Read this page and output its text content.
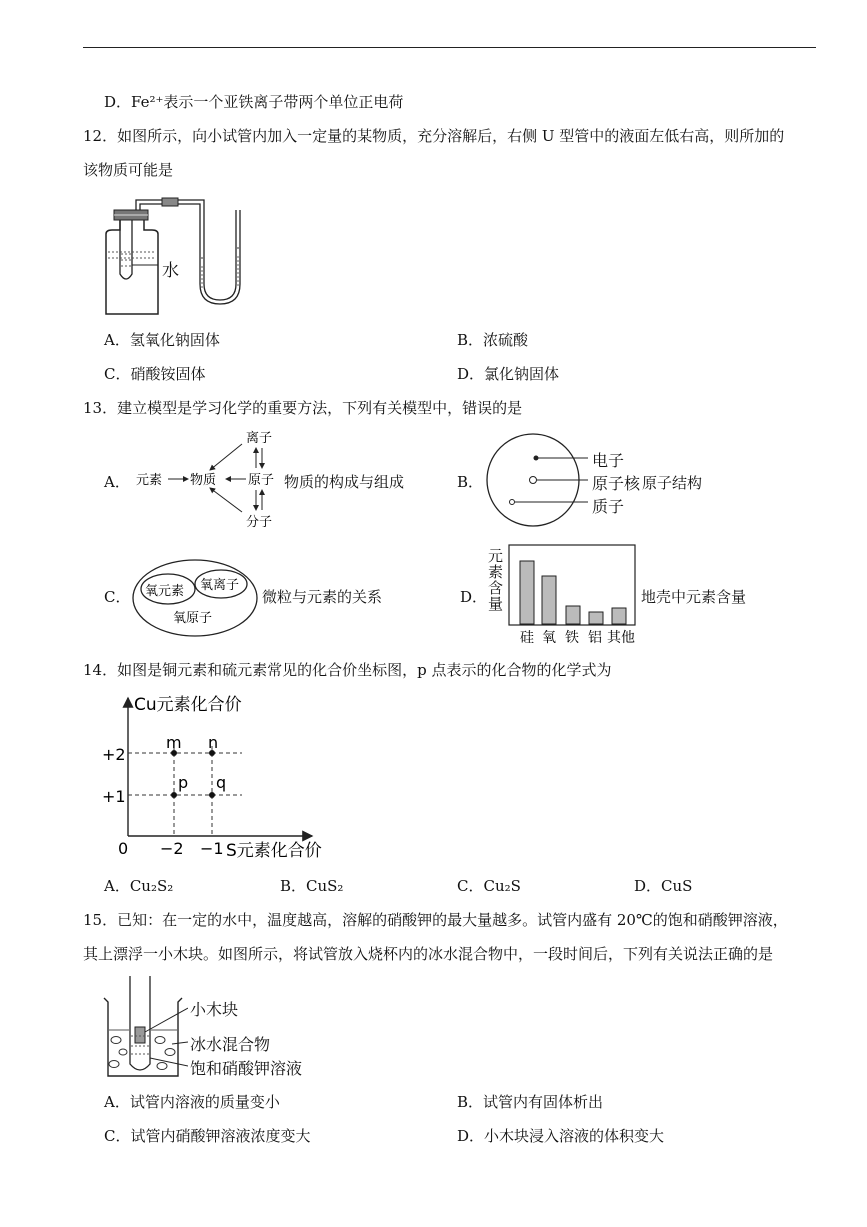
D．Fe²⁺表示一个亚铁离子带两个单位正电荷
12．如图所示，向小试管内加入一定量的某物质，充分溶解后，右侧 U 型管中的液面左低右高，则所加的
该物质可能是
水
A．氢氧化钠固体	B．浓硫酸
C．硝酸铵固体	D．氯化钠固体
13．建立模型是学习化学的重要方法，下列有关模型中，错误的是
A． 元素 物质 原子
离子
分子
物质的构成与组成	B．
电子
原子核 原子结构
质子
C． 氧元素 氧离子
氧原子
微粒与元素的关系	D．
元素含量
硅 氧 铁 铝 其他
地壳中元素含量
14．如图是铜元素和硫元素常见的化合价坐标图，p 点表示的化合物的化学式为
Cu元素化合价
S元素化合价
0 −2 −1
+2
+1
m n
p q
A．Cu₂S₂	B．CuS₂	C．Cu₂S	D．CuS
15．已知：在一定的水中，温度越高，溶解的硝酸钾的最大量越多。试管内盛有 20℃的饱和硝酸钾溶液，
其上漂浮一小木块。如图所示，将试管放入烧杯内的冰水混合物中，一段时间后，下列有关说法正确的是
小木块
冰水混合物
饱和硝酸钾溶液
A．试管内溶液的质量变小	B．试管内有固体析出
C．试管内硝酸钾溶液浓度变大	D．小木块浸入溶液的体积变大
